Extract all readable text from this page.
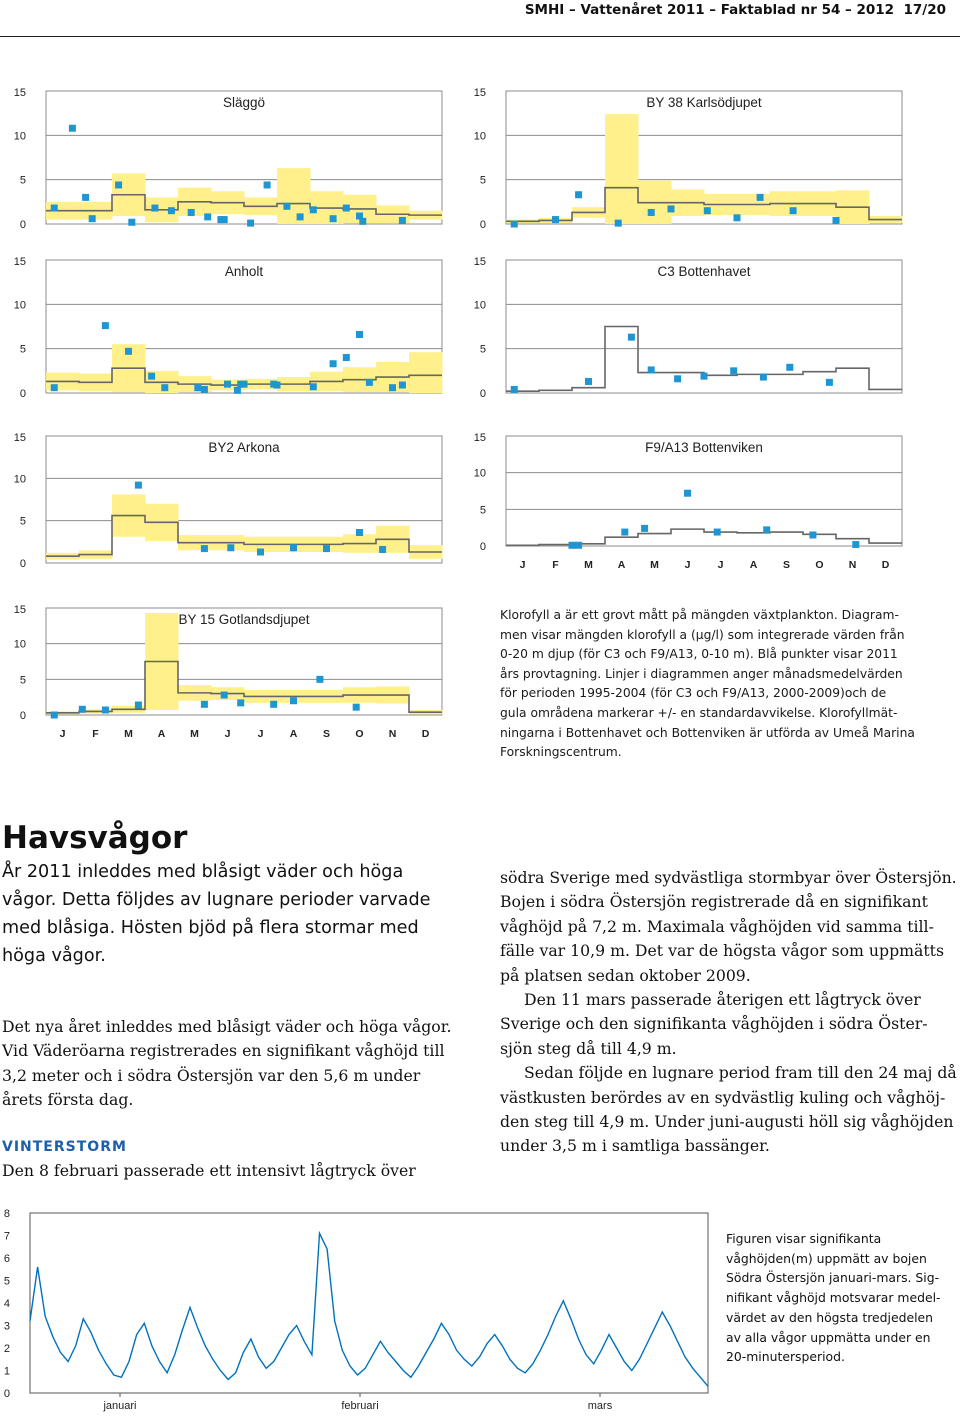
SMHI – Vattenåret 2011 – Faktablad nr 54 – 2012 17/20
0
5
10
15
Släggö
0
5
10
15
Anholt
0
5
10
15
BY2 Arkona
0
5
10
15
BY 15 Gotlandsdjupet
J	F M A M J	J	A S O N D
0
5
10
15
BY 38 Karlsödjupet
0
5
10
15
C3 Bottenhavet
0
5
10
15
F9/A13 Bottenviken
J	F M A M J	J	A S O N D
0
1
2
3
4
5
6
7
8
januari	februari	mars

Klorofyll a är ett grovt mått på mängden växtplankton. Diagram-

men visar mängden klorofyll a (µg/l) som integrerade värden från

0-20 m djup (för C3 och F9/A13, 0-10 m). Blå punkter visar 2011

års provtagning. Linjer i diagrammen anger månadsmedelvärden

för perioden 1995-2004 (för C3 och F9/A13, 2000-2009)och de

gula områdena markerar +/- en standardavvikelse. Klorofyllmät-

ningarna i Bottenhavet och Bottenviken är utförda av Umeå Marina

Forskningscentrum.

Havsvågor
År 2011 inleddes med blåsigt väder och höga
vågor. Detta följdes av lugnare perioder varvade
med blåsiga. Hösten bjöd på flera stormar med
höga vågor.

Det nya året inleddes med blåsigt väder och höga vågor.

Vid Väderöarna registrerades en signifikant våghöjd till

3,2 meter och i södra Östersjön var den 5,6 m under

årets första dag.

VINTERSTORM

Den 8 februari passerade ett intensivt lågtryck över

södra Sverige med sydvästliga stormbyar över Östersjön.

Bojen i södra Östersjön registrerade då en signifikant

våghöjd på 7,2 m. Maximala våghöjden vid samma till-

fälle var 10,9 m. Det var de högsta vågor som uppmätts

på platsen sedan oktober 2009.

Den 11 mars passerade återigen ett lågtryck över

Sverige och den signifikanta våghöjden i södra Öster-

sjön steg då till 4,9 m.

Sedan följde en lugnare period fram till den 24 maj då

västkusten berördes av en sydvästlig kuling och våghöj-

den steg till 4,9 m. Under juni-augusti höll sig våghöjden

under 3,5 m i samtliga bassänger.

Figuren visar signifikanta

våghöjden(m) uppmätt av bojen

Södra Östersjön januari-mars. Sig-

nifikant våghöjd motsvarar medel-

värdet av den högsta tredjedelen

av alla vågor uppmätta under en

20-minutersperiod.
